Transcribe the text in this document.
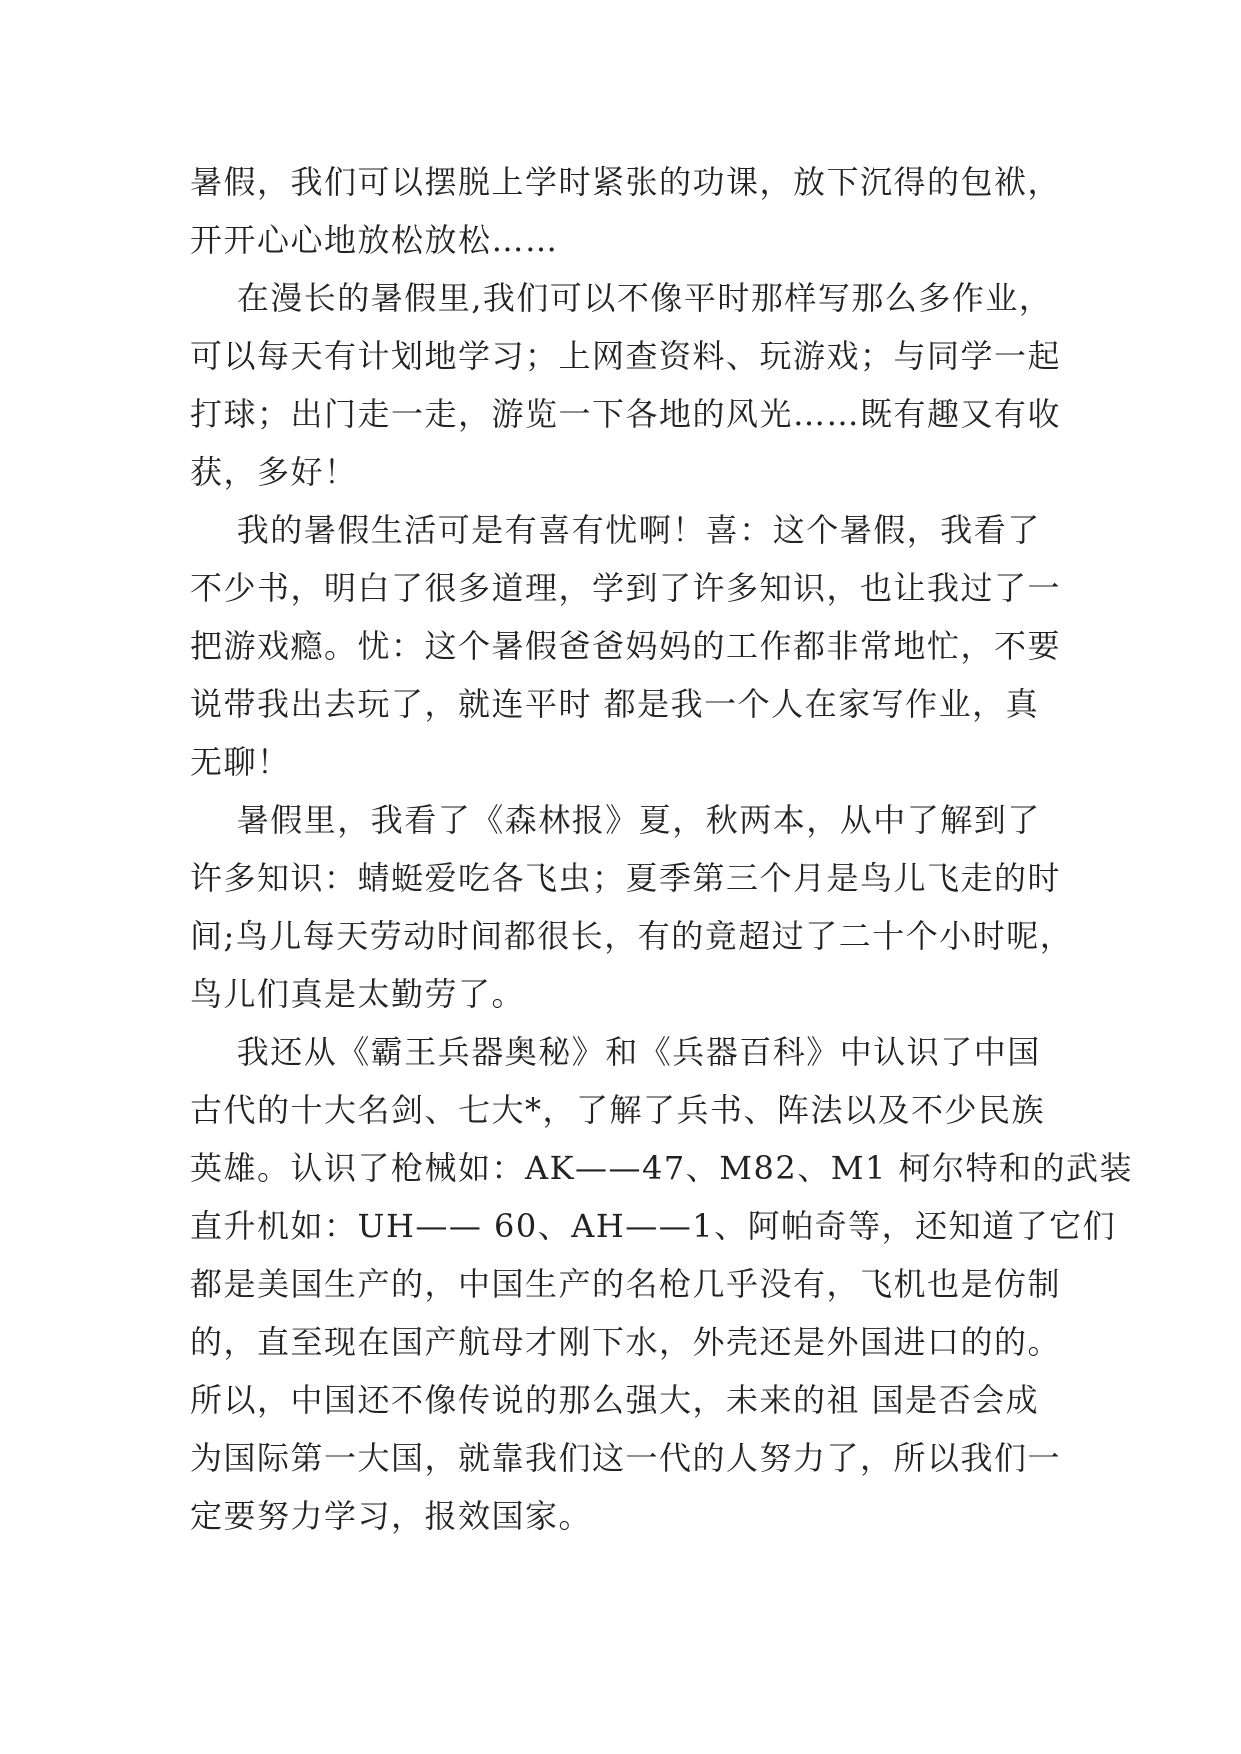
暑假，我们可以摆脱上学时紧张的功课，放下沉得的包袱，

开开心心地放松放松……

在漫长的暑假里,我们可以不像平时那样写那么多作业，

可以每天有计划地学习；上网查资料、玩游戏；与同学一起

打球；出门走一走，游览一下各地的风光……既有趣又有收

获，多好！

我的暑假生活可是有喜有忧啊！喜：这个暑假，我看了

不少书，明白了很多道理，学到了许多知识，也让我过了一

把游戏瘾。忧：这个暑假爸爸妈妈的工作都非常地忙，不要

说带我出去玩了，就连平时 都是我一个人在家写作业，真

无聊！

暑假里，我看了《森林报》夏，秋两本，从中了解到了

许多知识：蜻蜓爱吃各飞虫；夏季第三个月是鸟儿飞走的时

间;鸟儿每天劳动时间都很长，有的竟超过了二十个小时呢，

鸟儿们真是太勤劳了。

我还从《霸王兵器奥秘》和《兵器百科》中认识了中国

古代的十大名剑、七大*，了解了兵书、阵法以及不少民族

英雄。认识了枪械如：AK——47、M82、M1 柯尔特和的武装

直升机如：UH—— 60、AH——1、阿帕奇等，还知道了它们

都是美国生产的，中国生产的名枪几乎没有，飞机也是仿制

的，直至现在国产航母才刚下水，外壳还是外国进口的的。

所以，中国还不像传说的那么强大，未来的祖 国是否会成

为国际第一大国，就靠我们这一代的人努力了，所以我们一

定要努力学习，报效国家。
